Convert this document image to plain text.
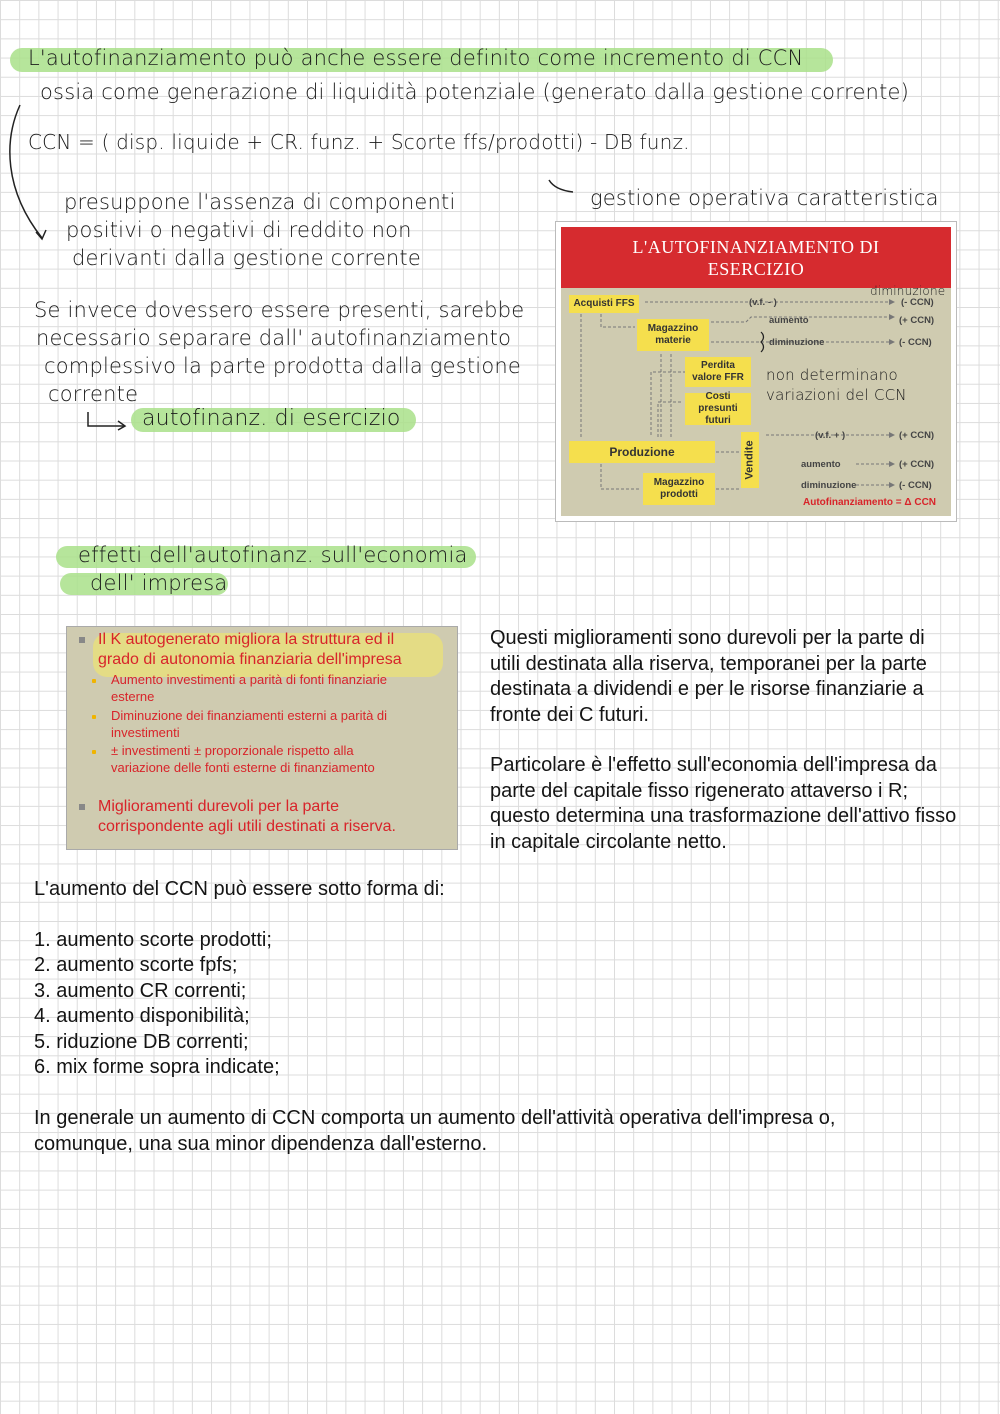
L'autofinanziamento può anche essere definito come incremento di CCN
ossia come generazione di liquidità potenziale (generato dalla gestione corrente)
CCN = ( disp. liquide + CR. funz. + Scorte ffs/prodotti) - DB funz.
gestione operativa caratteristica
presuppone l'assenza di componenti
positivi o negativi di reddito non
derivanti dalla gestione corrente
Se invece dovessero essere presenti, sarebbe
necessario separare dall' autofinanziamento
complessivo la parte prodotta dalla gestione
corrente
autofinanz. di esercizio
effetti dell'autofinanz. sull'economia
dell' impresa
L'AUTOFINANZIAMENTO DI
ESERCIZIO
Acquisti FFS	(v.f. - )	(- CCN)
Magazzino materie
aumento	(+ CCN)
diminuzione	(- CCN)
Perdita valore FFR
Costi presunti futuri
Produzione	Vendite
(v.f. + )	(+ CCN)
aumento	(+ CCN)
Magazzino prodotti
diminuzione	(- CCN)
Autofinanziamento = Δ CCN
diminuzione
non determinano
variazioni del CCN
Il K autogenerato migliora la struttura ed il
grado di autonomia finanziaria dell'impresa
Aumento investimenti a parità di fonti finanziarie
esterne
Diminuzione dei finanziamenti esterni a parità di
investimenti
± investimenti ± proporzionale rispetto alla
variazione delle fonti esterne di finanziamento
Miglioramenti durevoli per la parte
corrispondente agli utili destinati a riserva.
Questi miglioramenti sono durevoli per la parte di utili destinata alla riserva, temporanei per la parte destinata a dividendi e per le risorse finanziarie a fronte dei C futuri.
Particolare è l'effetto sull'economia dell'impresa da parte del capitale fisso rigenerato attaverso i R; questo determina una trasformazione dell'attivo fisso in capitale circolante netto.
L'aumento del CCN può essere sotto forma di:
1. aumento scorte prodotti;
2. aumento scorte fpfs;
3. aumento CR correnti;
4. aumento disponibilità;
5. riduzione DB correnti;
6. mix forme sopra indicate;
In generale un aumento di CCN comporta un aumento dell'attività operativa dell'impresa o, comunque, una sua minor dipendenza dall'esterno.
